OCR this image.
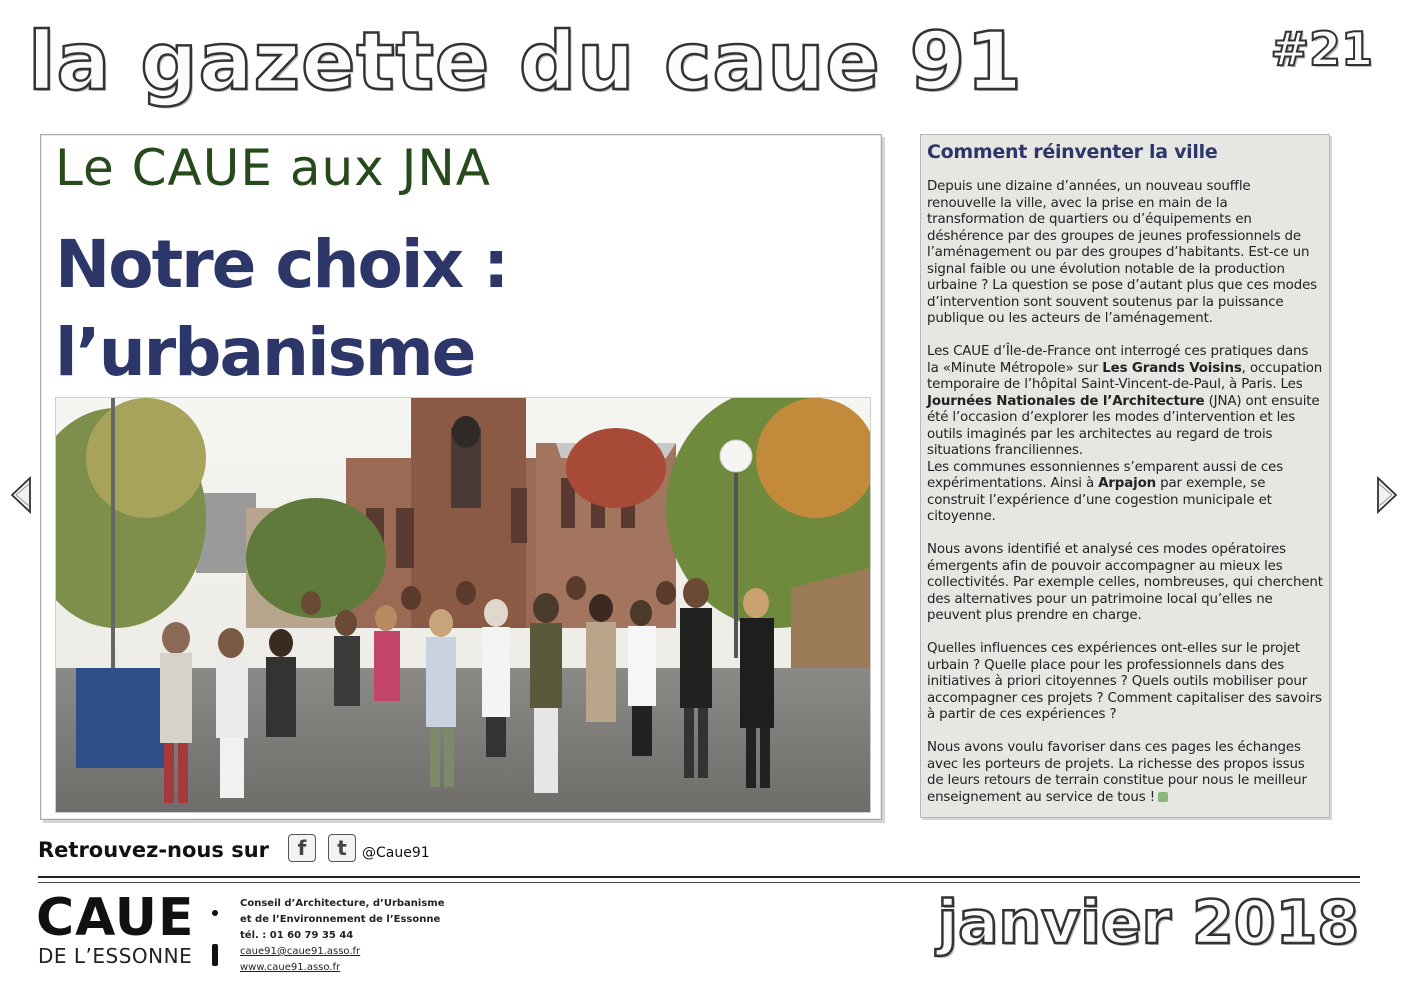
la gazette du caue 91	#21
Le CAUE aux JNA
Notre choix :
l’urbanisme
Comment réinventer la ville

Depuis une dizaine d’années, un nouveau souffle renouvelle la ville, avec la prise en main de la transformation de quartiers ou d’équipements en déshérence par des groupes de jeunes professionnels de l’aménagement ou par des groupes d’habitants. Est-ce un signal faible ou une évolution notable de la production urbaine ? La question se pose d’autant plus que ces modes d’intervention sont souvent soutenus par la puissance publique ou les acteurs de l’aménagement.

Les CAUE d’Île-de-France ont interrogé ces pratiques dans la «Minute Métropole» sur Les Grands Voisins, occupation temporaire de l’hôpital Saint-Vincent-de-Paul, à Paris. Les Journées Nationales de l’Architecture (JNA) ont ensuite été l’occasion d’explorer les modes d’intervention et les outils imaginés par les architectes au regard de trois situations franciliennes.
Les communes essonniennes s’emparent aussi de ces expérimentations. Ainsi à Arpajon par exemple, se construit l’expérience d’une cogestion municipale et citoyenne.

Nous avons identifié et analysé ces modes opératoires émergents afin de pouvoir accompagner au mieux les collectivités. Par exemple celles, nombreuses, qui cherchent des alternatives pour un patrimoine local qu’elles ne peuvent plus prendre en charge.

Quelles influences ces expériences ont-elles sur le projet urbain ? Quelle place pour les professionnels dans des initiatives à priori citoyennes ? Quels outils mobiliser pour accompagner ces projets ? Comment capitaliser des savoirs à partir de ces expériences ?

Nous avons voulu favoriser dans ces pages les échanges avec les porteurs de projets. La richesse des propos issus de leurs retours de terrain constitue pour nous le meilleur enseignement au service de tous !

Retrouvez-nous sur	f	t	@Caue91
CAUE
DE L’ESSONNE
Conseil d’Architecture, d’Urbanisme
et de l’Environnement de l’Essonne
tél. : 01 60 79 35 44
caue91@caue91.asso.fr
www.caue91.asso.fr
janvier 2018
